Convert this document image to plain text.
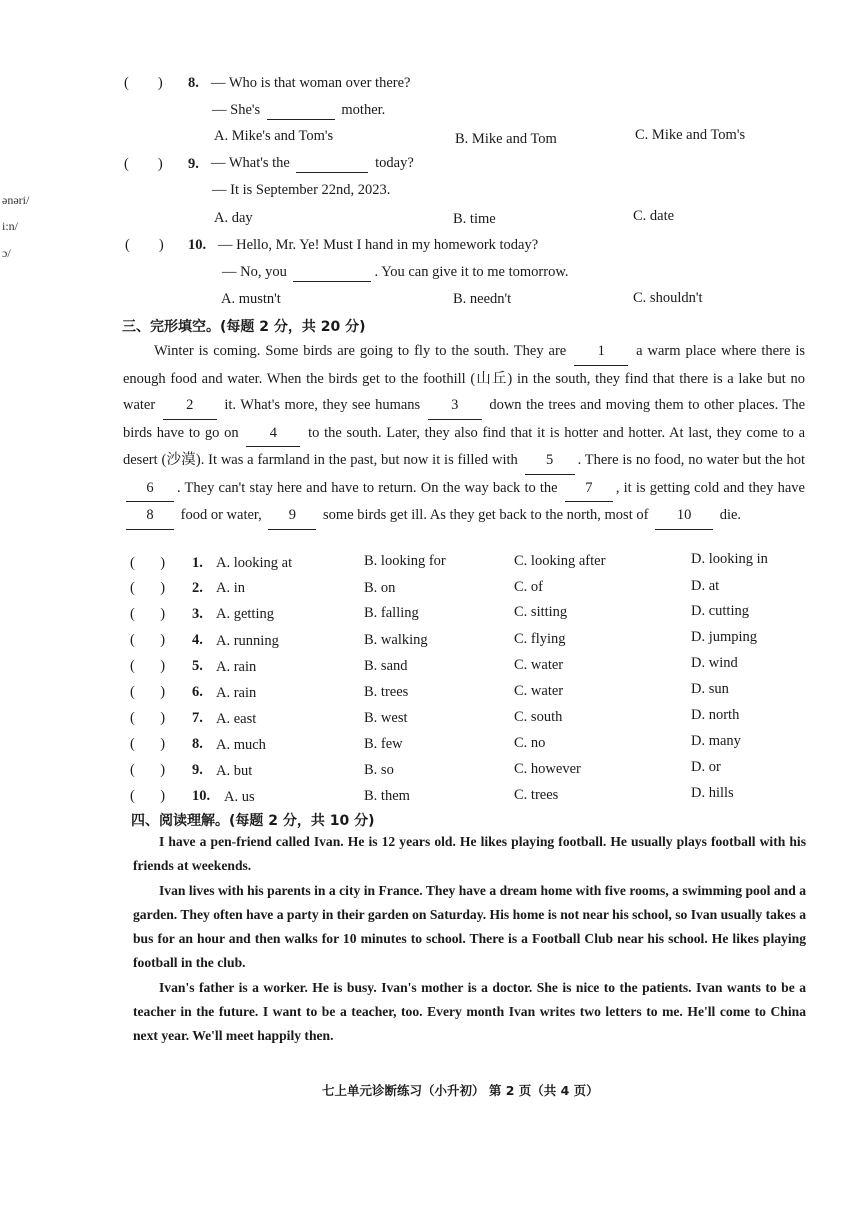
ənəri/
i:n/
ɔ/
(        ) 8. — Who is that woman over there?
— She's	mother.
A. Mike's and Tom's	B. Mike and Tom	C. Mike and Tom's
(        ) 9. — What's the	today?
— It is September 22nd, 2023.
A. day	B. time	C. date
(        ) 10. — Hello, Mr. Ye! Must I hand in my homework today?
— No, you	. You can give it to me tomorrow.
A. mustn't	B. needn't	C. shouldn't
三、完形填空。(每题 2 分，共 20 分)
Winter is coming. Some birds are going to fly to the south. They are 1 a warm place where there is enough food and water. When the birds get to the foothill (山丘) in the south, they find that there is a lake but no water 2 it. What's more, they see humans 3 down the trees and moving them to other places. The birds have to go on 4 to the south. Later, they also find that it is hotter and hotter. At last, they come to a desert (沙漠). It was a farmland in the past, but now it is filled with 5 . There is no food, no water but the hot 6 . They can't stay here and have to return. On the way back to the 7 , it is getting cold and they have 8 food or water, 9 some birds get ill. As they get back to the north, most of 10 die.
(       ) 1. A. looking at	B. looking for	C. looking after	D. looking in
(       ) 2. A. in	B. on	C. of	D. at
(       ) 3. A. getting	B. falling	C. sitting	D. cutting
(       ) 4. A. running	B. walking	C. flying	D. jumping
(       ) 5. A. rain	B. sand	C. water	D. wind
(       ) 6. A. rain	B. trees	C. water	D. sun
(       ) 7. A. east	B. west	C. south	D. north
(       ) 8. A. much	B. few	C. no	D. many
(       ) 9. A. but	B. so	C. however	D. or
(       ) 10. A. us	B. them	C. trees	D. hills
四、阅读理解。(每题 2 分，共 10 分)
I have a pen-friend called Ivan. He is 12 years old. He likes playing football. He usually plays football with his friends at weekends.
Ivan lives with his parents in a city in France. They have a dream home with five rooms, a swimming pool and a garden. They often have a party in their garden on Saturday. His home is not near his school, so Ivan usually takes a bus for an hour and then walks for 10 minutes to school. There is a Football Club near his school. He likes playing football in the club.
Ivan's father is a worker. He is busy. Ivan's mother is a doctor. She is nice to the patients. Ivan wants to be a teacher in the future. I want to be a teacher, too. Every month Ivan writes two letters to me. He'll come to China next year. We'll meet happily then.
七上单元诊断练习（小升初） 第 2 页（共 4 页）
